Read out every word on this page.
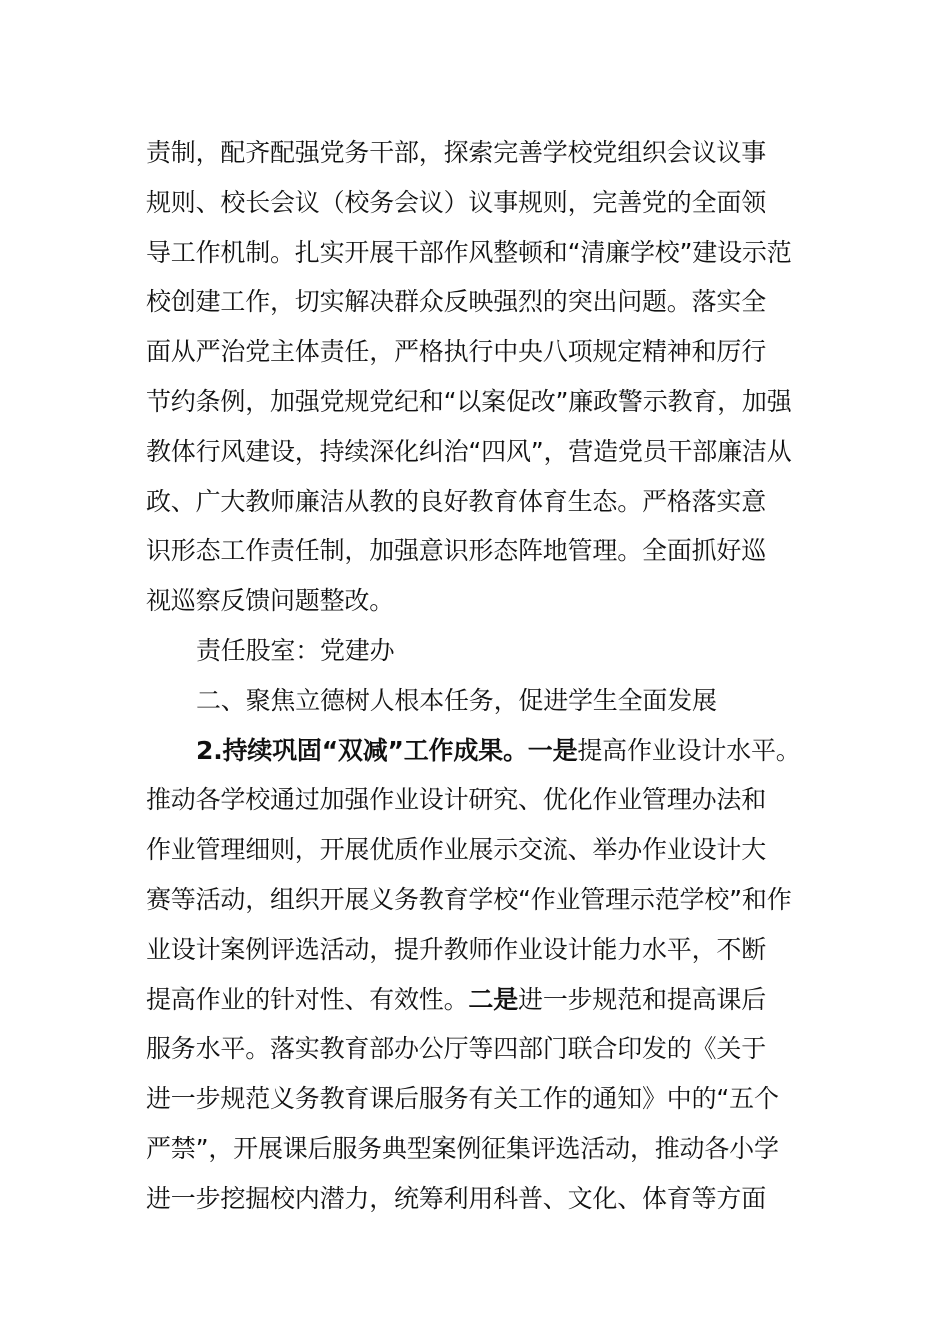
责制，配齐配强党务干部，探索完善学校党组织会议议事
规则、校长会议（校务会议）议事规则，完善党的全面领
导工作机制。扎实开展干部作风整顿和“清廉学校”建设示范
校创建工作，切实解决群众反映强烈的突出问题。落实全
面从严治党主体责任，严格执行中央八项规定精神和厉行
节约条例，加强党规党纪和“以案促改”廉政警示教育，加强
教体行风建设，持续深化纠治“四风”，营造党员干部廉洁从
政、广大教师廉洁从教的良好教育体育生态。严格落实意
识形态工作责任制，加强意识形态阵地管理。全面抓好巡
视巡察反馈问题整改。
责任股室：党建办
二、聚焦立德树人根本任务，促进学生全面发展
2.持续巩固“双减”工作成果。一是提高作业设计水平。
推动各学校通过加强作业设计研究、优化作业管理办法和
作业管理细则，开展优质作业展示交流、举办作业设计大
赛等活动，组织开展义务教育学校“作业管理示范学校”和作
业设计案例评选活动，提升教师作业设计能力水平，不断
提高作业的针对性、有效性。二是进一步规范和提高课后
服务水平。落实教育部办公厅等四部门联合印发的《关于
进一步规范义务教育课后服务有关工作的通知》中的“五个
严禁”，开展课后服务典型案例征集评选活动，推动各小学
进一步挖掘校内潜力，统筹利用科普、文化、体育等方面
